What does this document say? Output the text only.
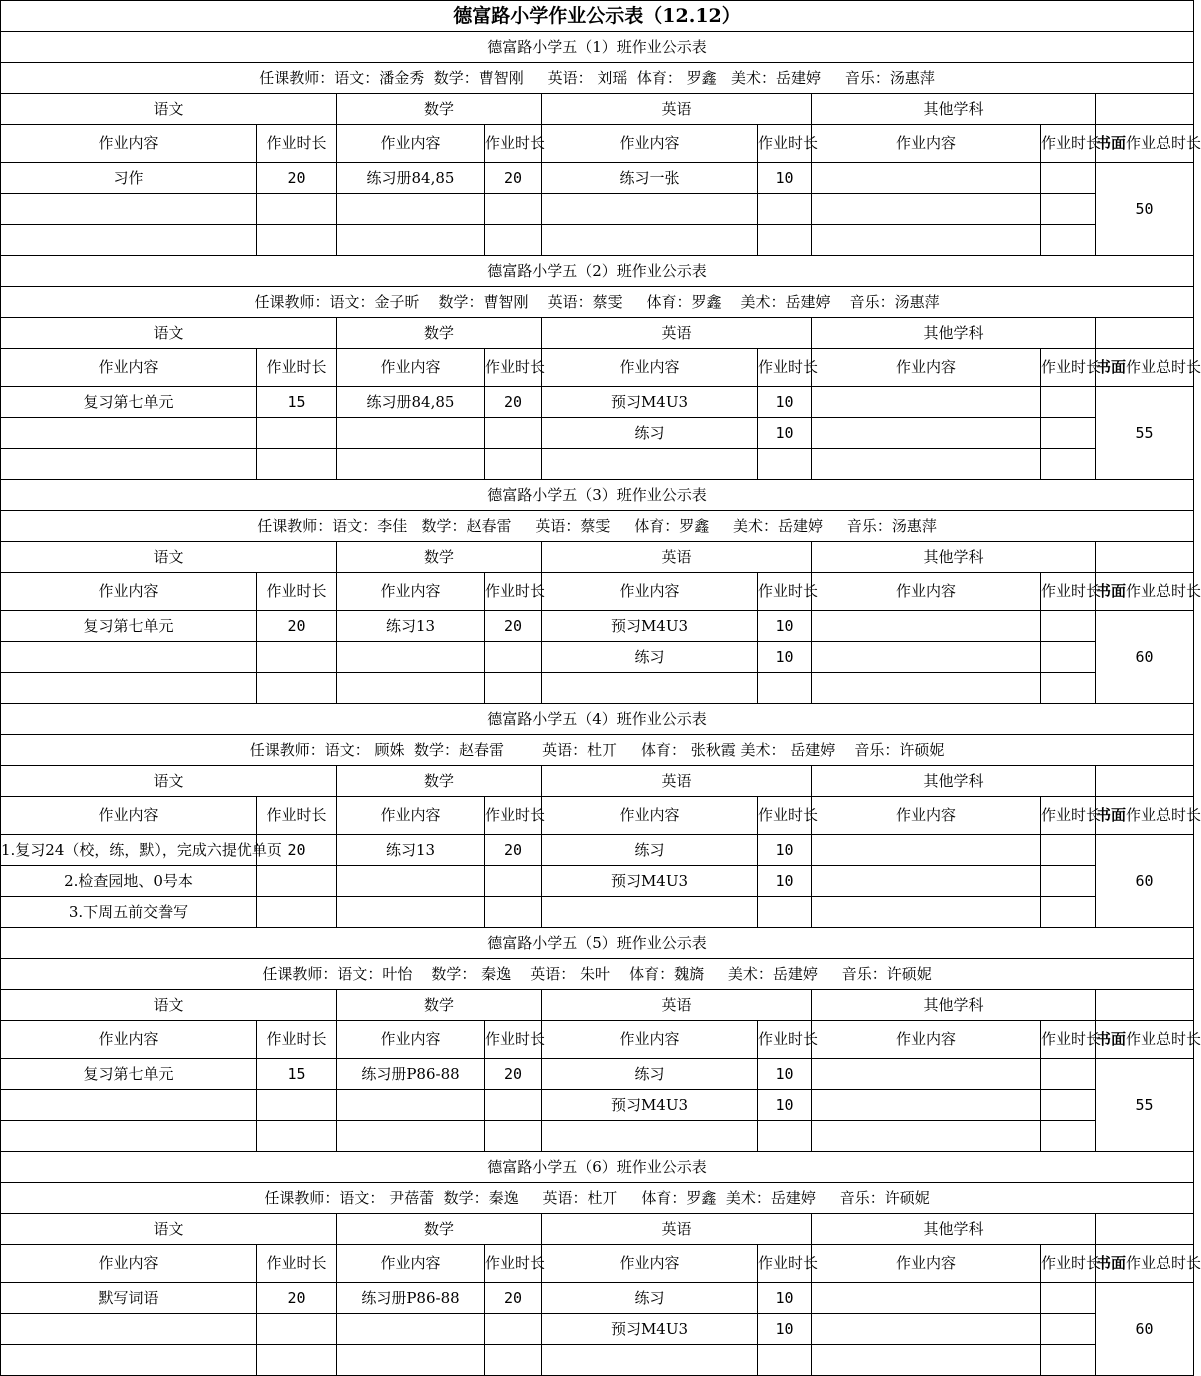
德富路小学作业公示表（12.12）								
德富路小学五（1）班作业公示表								
任课教师：语文：潘金秀  数学：曹智刚     英语： 刘瑶  体育： 罗鑫   美术：岳建婷     音乐：汤惠萍								
语文		数学		英语		其他学科		
作业内容	作业时长	作业内容	作业时长	作业内容	作业时长	作业内容	作业时长	书面作业总时长
习作	20	练习册84,85	20	练习一张	10			50

德富路小学五（2）班作业公示表								
任课教师：语文：金子昕    数学：曹智刚    英语：蔡雯     体育：罗鑫    美术：岳建婷    音乐：汤惠萍								
语文		数学		英语		其他学科		
作业内容	作业时长	作业内容	作业时长	作业内容	作业时长	作业内容	作业时长	书面作业总时长
复习第七单元	15	练习册84,85	20	预习M4U3	10			55
				练习	10			

德富路小学五（3）班作业公示表								
任课教师：语文：李佳   数学：赵春雷     英语：蔡雯     体育：罗鑫     美术：岳建婷     音乐：汤惠萍								
语文		数学		英语		其他学科		
作业内容	作业时长	作业内容	作业时长	作业内容	作业时长	作业内容	作业时长	书面作业总时长
复习第七单元	20	练习13	20	预习M4U3	10			60
				练习	10			

德富路小学五（4）班作业公示表								
任课教师：语文： 顾姝  数学：赵春雷        英语：杜丌     体育： 张秋霞 美术： 岳建婷    音乐：许硕妮								
语文		数学		英语		其他学科		
作业内容	作业时长	作业内容	作业时长	作业内容	作业时长	作业内容	作业时长	书面作业总时长
1.复习24（校，练，默），完成六提优单页	20	练习13	20	练习	10			60
2.检查园地、0号本				预习M4U3	10			
3.下周五前交誊写								
德富路小学五（5）班作业公示表								
任课教师：语文：叶怡    数学： 秦逸    英语： 朱叶    体育：魏旖     美术：岳建婷     音乐：许硕妮								
语文		数学		英语		其他学科		
作业内容	作业时长	作业内容	作业时长	作业内容	作业时长	作业内容	作业时长	书面作业总时长
复习第七单元	15	练习册P86-88	20	练习	10			55
				预习M4U3	10			

德富路小学五（6）班作业公示表								
任课教师：语文： 尹蓓蕾  数学：秦逸     英语：杜丌     体育：罗鑫  美术：岳建婷     音乐：许硕妮								
语文		数学		英语		其他学科		
作业内容	作业时长	作业内容	作业时长	作业内容	作业时长	作业内容	作业时长	书面作业总时长
默写词语	20	练习册P86-88	20	练习	10			60
				预习M4U3	10			
